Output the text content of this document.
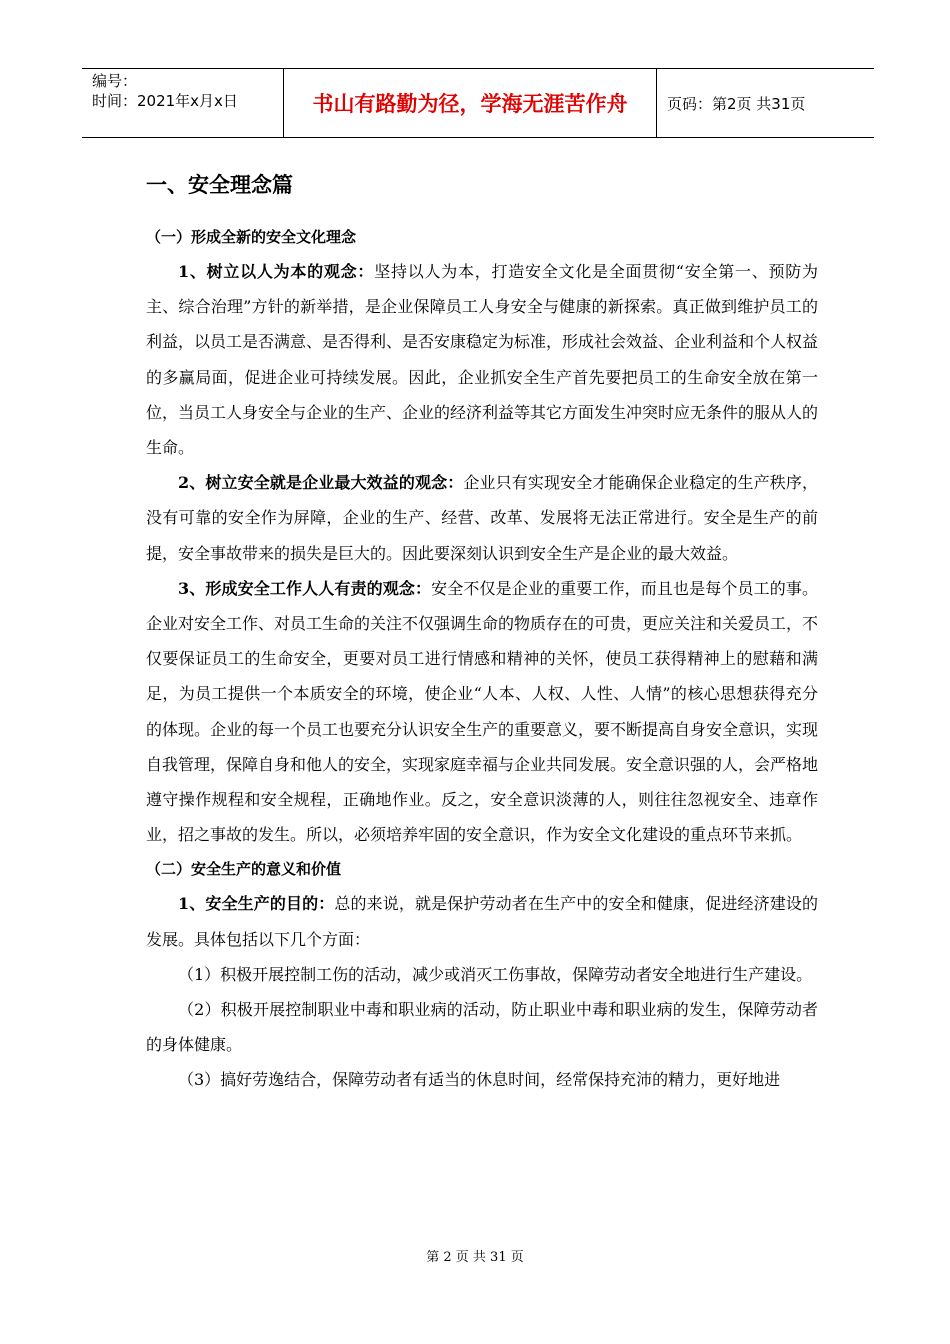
编号：
时间：2021年x月x日	书山有路勤为径，学海无涯苦作舟	页码：第2页 共31页
一、安全理念篇
（一）形成全新的安全文化理念

1、树立以人为本的观念：坚持以人为本，打造安全文化是全面贯彻“安全第一、预防为主、综合治理”方针的新举措，是企业保障员工人身安全与健康的新探索。真正做到维护员工的利益，以员工是否满意、是否得利、是否安康稳定为标准，形成社会效益、企业利益和个人权益的多赢局面，促进企业可持续发展。因此，企业抓安全生产首先要把员工的生命安全放在第一位，当员工人身安全与企业的生产、企业的经济利益等其它方面发生冲突时应无条件的服从人的生命。

2、树立安全就是企业最大效益的观念：企业只有实现安全才能确保企业稳定的生产秩序，没有可靠的安全作为屏障，企业的生产、经营、改革、发展将无法正常进行。安全是生产的前提，安全事故带来的损失是巨大的。因此要深刻认识到安全生产是企业的最大效益。

3、形成安全工作人人有责的观念：安全不仅是企业的重要工作，而且也是每个员工的事。企业对安全工作、对员工生命的关注不仅强调生命的物质存在的可贵，更应关注和关爱员工，不仅要保证员工的生命安全，更要对员工进行情感和精神的关怀，使员工获得精神上的慰藉和满足，为员工提供一个本质安全的环境，使企业“人本、人权、人性、人情”的核心思想获得充分的体现。企业的每一个员工也要充分认识安全生产的重要意义，要不断提高自身安全意识，实现自我管理，保障自身和他人的安全，实现家庭幸福与企业共同发展。安全意识强的人，会严格地遵守操作规程和安全规程，正确地作业。反之，安全意识淡薄的人，则往往忽视安全、违章作业，招之事故的发生。所以，必须培养牢固的安全意识，作为安全文化建设的重点环节来抓。

（二）安全生产的意义和价值

1、安全生产的目的：总的来说，就是保护劳动者在生产中的安全和健康，促进经济建设的发展。具体包括以下几个方面：

（1）积极开展控制工伤的活动，减少或消灭工伤事故，保障劳动者安全地进行生产建设。

（2）积极开展控制职业中毒和职业病的活动，防止职业中毒和职业病的发生，保障劳动者的身体健康。

（3）搞好劳逸结合，保障劳动者有适当的休息时间，经常保持充沛的精力，更好地进

第 2 页 共 31 页
